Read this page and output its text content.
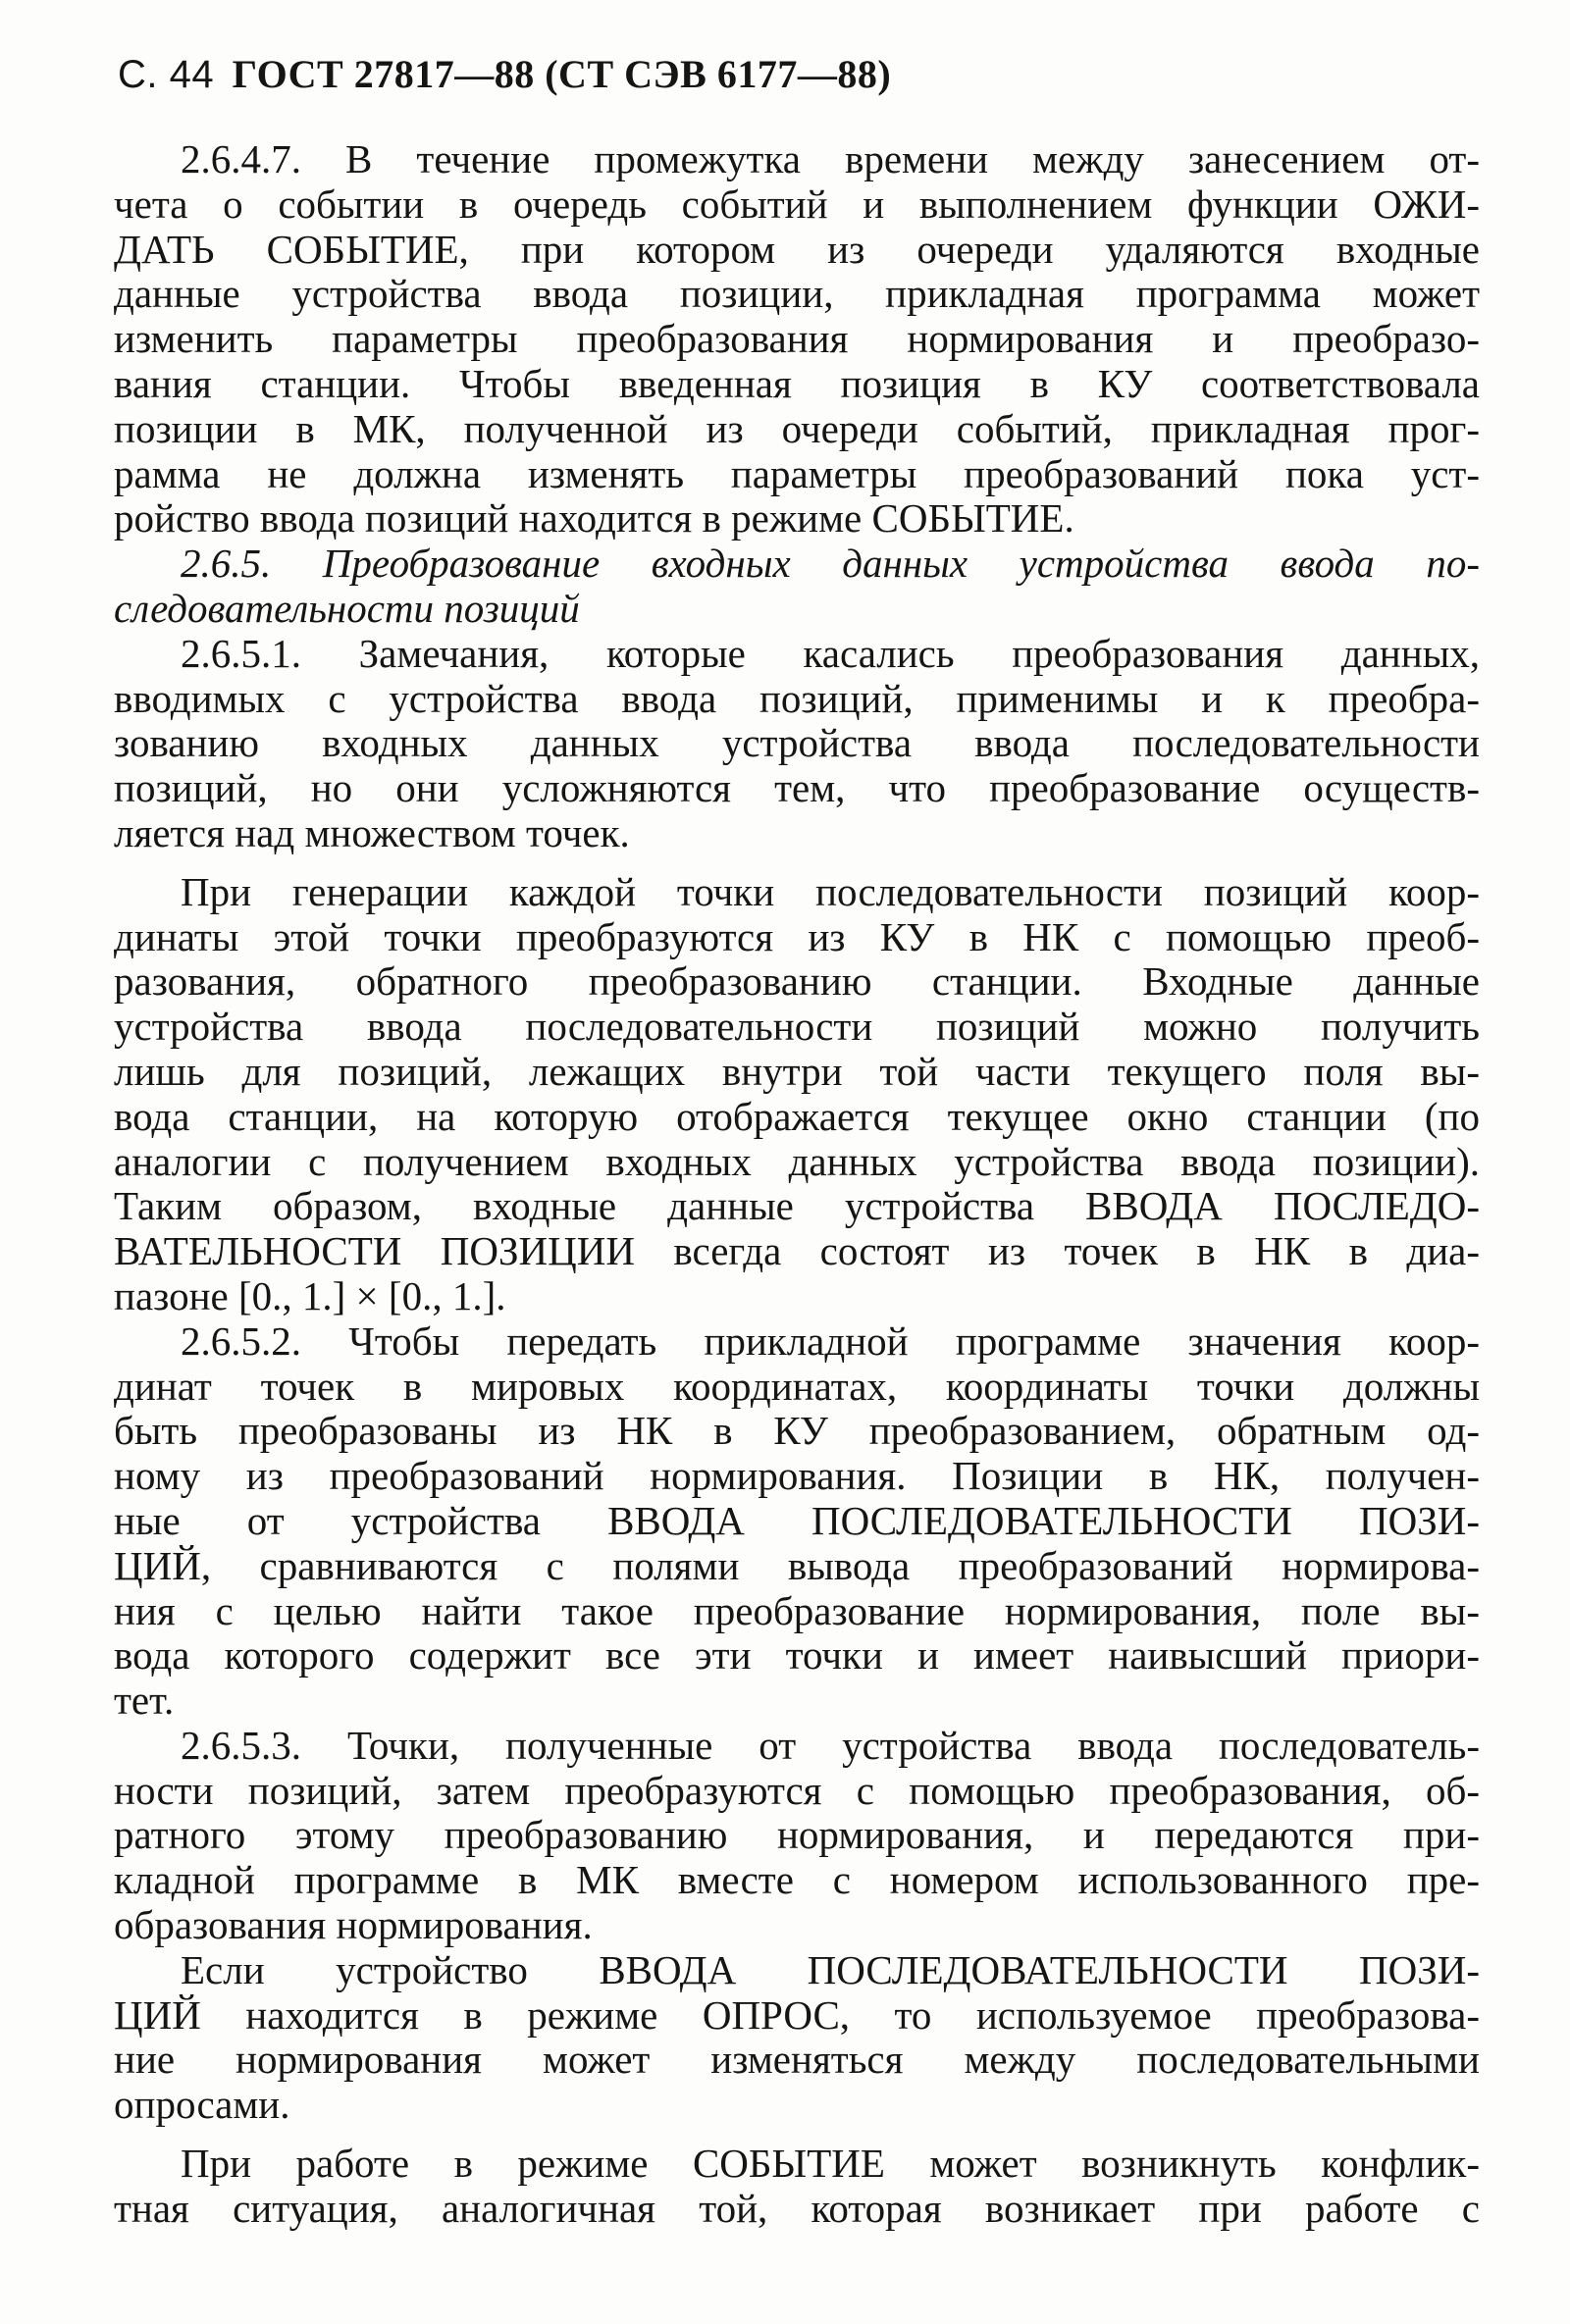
С. 44 ГОСТ 27817—88 (СТ СЭВ 6177—88)
2.6.4.7. В течение промежутка времени между занесением от-
чета о событии в очередь событий и выполнением функции ОЖИ-
ДАТЬ СОБЫТИЕ, при котором из очереди удаляются входные
данные устройства ввода позиции, прикладная программа может
изменить параметры преобразования нормирования и преобразо-
вания станции. Чтобы введенная позиция в КУ соответствовала
позиции в МК, полученной из очереди событий, прикладная прог-
рамма не должна изменять параметры преобразований пока уст-
ройство ввода позиций находится в режиме СОБЫТИЕ.
2.6.5. Преобразование входных данных устройства ввода по-
следовательности позиций
2.6.5.1. Замечания, которые касались преобразования данных,
вводимых с устройства ввода позиций, применимы и к преобра-
зованию входных данных устройства ввода последовательности
позиций, но они усложняются тем, что преобразование осуществ-
ляется над множеством точек.
При генерации каждой точки последовательности позиций коор-
динаты этой точки преобразуются из КУ в НК с помощью преоб-
разования, обратного преобразованию станции. Входные данные
устройства ввода последовательности позиций можно получить
лишь для позиций, лежащих внутри той части текущего поля вы-
вода станции, на которую отображается текущее окно станции (по
аналогии с получением входных данных устройства ввода позиции).
Таким образом, входные данные устройства ВВОДА ПОСЛЕДО-
ВАТЕЛЬНОСТИ ПОЗИЦИИ всегда состоят из точек в НК в диа-
пазоне [0., 1.] × [0., 1.].
2.6.5.2. Чтобы передать прикладной программе значения коор-
динат точек в мировых координатах, координаты точки должны
быть преобразованы из НК в КУ преобразованием, обратным од-
ному из преобразований нормирования. Позиции в НК, получен-
ные от устройства ВВОДА ПОСЛЕДОВАТЕЛЬНОСТИ ПОЗИ-
ЦИЙ, сравниваются с полями вывода преобразований нормирова-
ния с целью найти такое преобразование нормирования, поле вы-
вода которого содержит все эти точки и имеет наивысший приори-
тет.
2.6.5.3. Точки, полученные от устройства ввода последователь-
ности позиций, затем преобразуются с помощью преобразования, об-
ратного этому преобразованию нормирования, и передаются при-
кладной программе в МК вместе с номером использованного пре-
образования нормирования.
Если устройство ВВОДА ПОСЛЕДОВАТЕЛЬНОСТИ ПОЗИ-
ЦИЙ находится в режиме ОПРОС, то используемое преобразова-
ние нормирования может изменяться между последовательными
опросами.
При работе в режиме СОБЫТИЕ может возникнуть конфлик-
тная ситуация, аналогичная той, которая возникает при работе с
